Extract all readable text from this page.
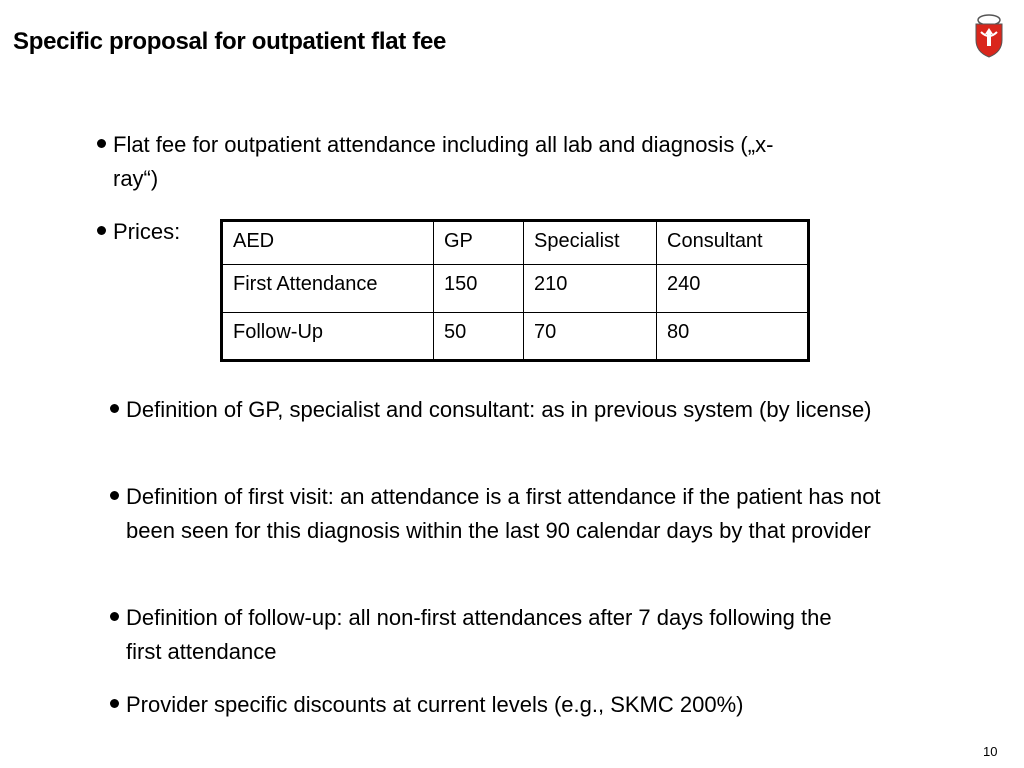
Specific proposal for outpatient flat fee
Flat fee for outpatient attendance including all lab and diagnosis („x-ray“)
Prices:	AED	GP	Specialist	Consultant
First Attendance	150	210	240
Follow-Up	50	70	80
Definition of GP, specialist and consultant: as in previous system (by license)
Definition of first visit: an attendance is a first attendance if the patient has not been seen for this diagnosis within the last 90 calendar days by that provider
Definition of follow-up: all non-first attendances after 7 days following the first attendance
Provider specific discounts at current levels (e.g., SKMC 200%)
10
